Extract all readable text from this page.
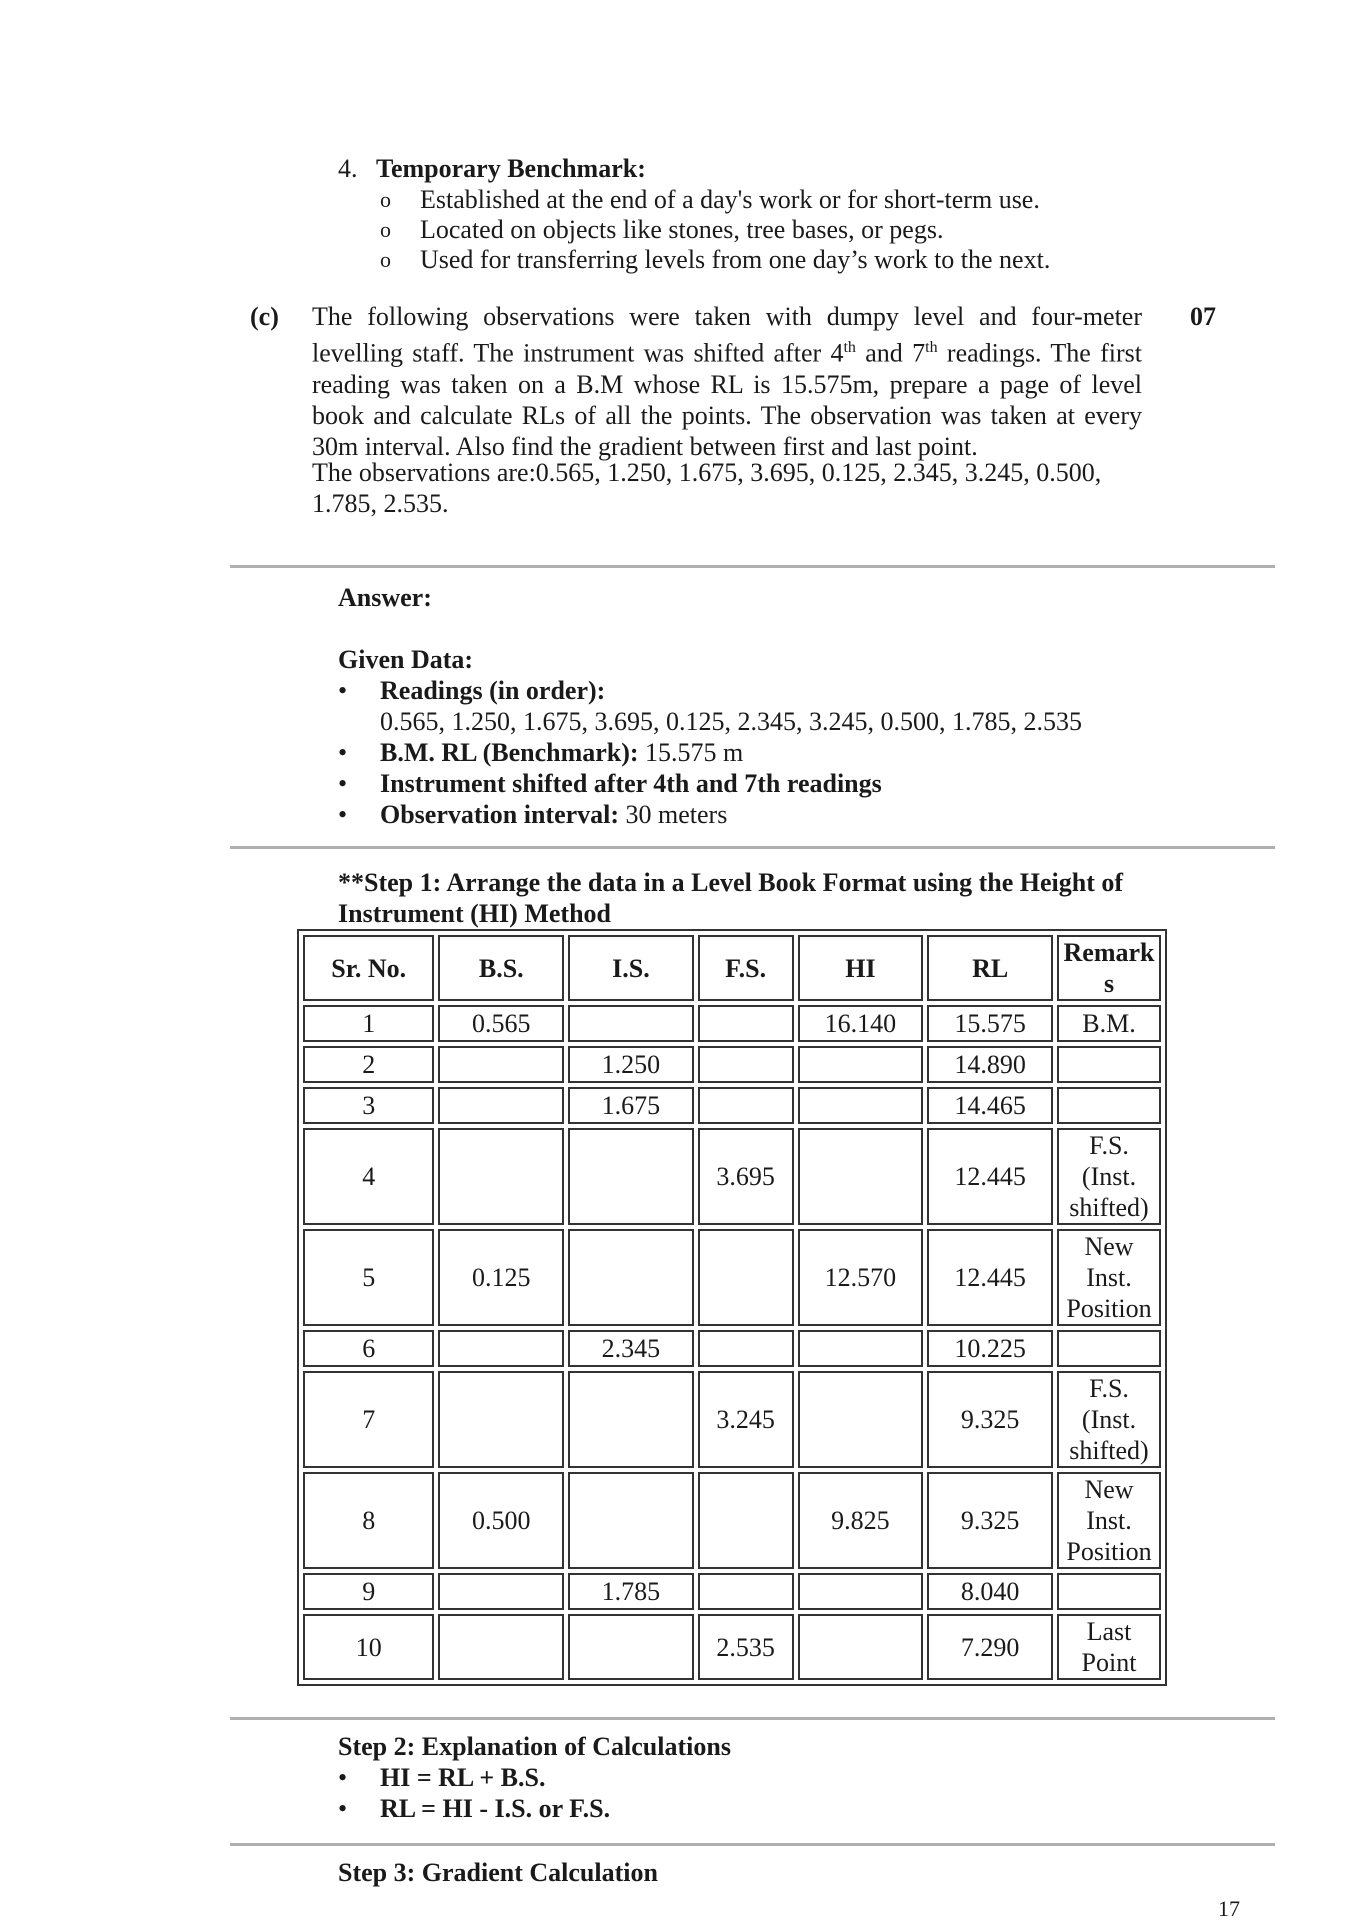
4. Temporary Benchmark:
o Established at the end of a day's work or for short-term use.
o Located on objects like stones, tree bases, or pegs.
o Used for transferring levels from one day’s work to the next.
(c)	07

The following observations were taken with dumpy level and four-meter levelling staff. The instrument was shifted after 4th and 7th readings. The first reading was taken on a B.M whose RL is 15.575m, prepare a page of level book and calculate RLs of all the points. The observation was taken at every 30m interval. Also find the gradient between first and last point.

The observations are:0.565, 1.250, 1.675, 3.695, 0.125, 2.345, 3.245, 0.500, 1.785, 2.535.
Answer:
Given Data:
• Readings (in order):
0.565, 1.250, 1.675, 3.695, 0.125, 2.345, 3.245, 0.500, 1.785, 2.535
• B.M. RL (Benchmark): 15.575 m
• Instrument shifted after 4th and 7th readings
• Observation interval: 30 meters
**Step 1: Arrange the data in a Level Book Format using the Height of Instrument (HI) Method
Sr. No.	B.S.	I.S.	F.S.	HI	RL	Remark s
1	0.565			16.140	15.575	B.M.
2		1.250			14.890	
3		1.675			14.465	
4			3.695		12.445	F.S. (Inst. shifted)
5	0.125			12.570	12.445	New Inst. Position
6		2.345			10.225	
7			3.245		9.325	F.S. (Inst. shifted)
8	0.500			9.825	9.325	New Inst. Position
9		1.785			8.040	
10			2.535		7.290	Last Point
Step 2: Explanation of Calculations
• HI = RL + B.S.
• RL = HI - I.S. or F.S.
Step 3: Gradient Calculation
17
